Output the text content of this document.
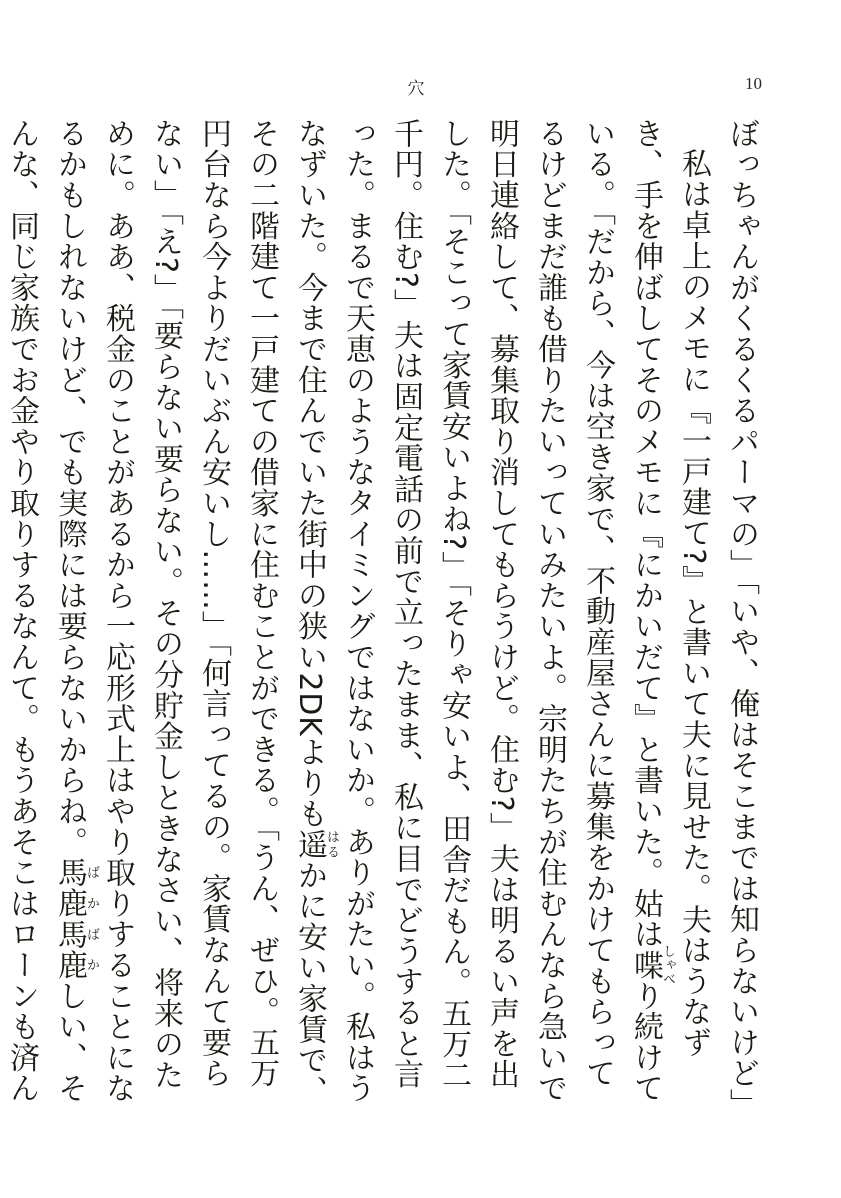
穴	10

ぼっちゃんがくるくるパーマの」「いや、俺はそこまでは知らないけど」

私は卓上のメモに『一戸建て?』と書いて夫に見せた。夫はうなずき、手を伸ばしてそのメモに『にかいだて』と書いた。姑は喋しゃべり続けている。「だから、今は空き家で、不動産屋さんに募集をかけてもらってるけどまだ誰も借りたいっていみたいよ。宗明たちが住むんなら急いで明日連絡して、募集取り消してもらうけど。住む?」夫は明るい声を出した。「そこって家賃安いよね?」「そりゃ安いよ、田舎だもん。五万二千円。住む?」夫は固定電話の前で立ったまま、私に目でどうすると言った。まるで天恵のようなタイミングではないか。ありがたい。私はうなずいた。今まで住んでいた街中の狭い2DKよりも遥はるかに安い家賃で、その二階建て一戸建ての借家に住むことができる。「うん、ぜひ。五万円台なら今よりだいぶん安いし……」「何言ってるの。家賃なんて要らない」「え?」「要らない要らない。その分貯金しときなさい、将来のために。ああ、税金のことがあるから一応形式上はやり取りすることになるかもしれないけど、でも実際には要らないからね。馬鹿ばか馬鹿ばかしい、そんな、同じ家族でお金やり取りするなんて。もうあそこはローンも済ん
